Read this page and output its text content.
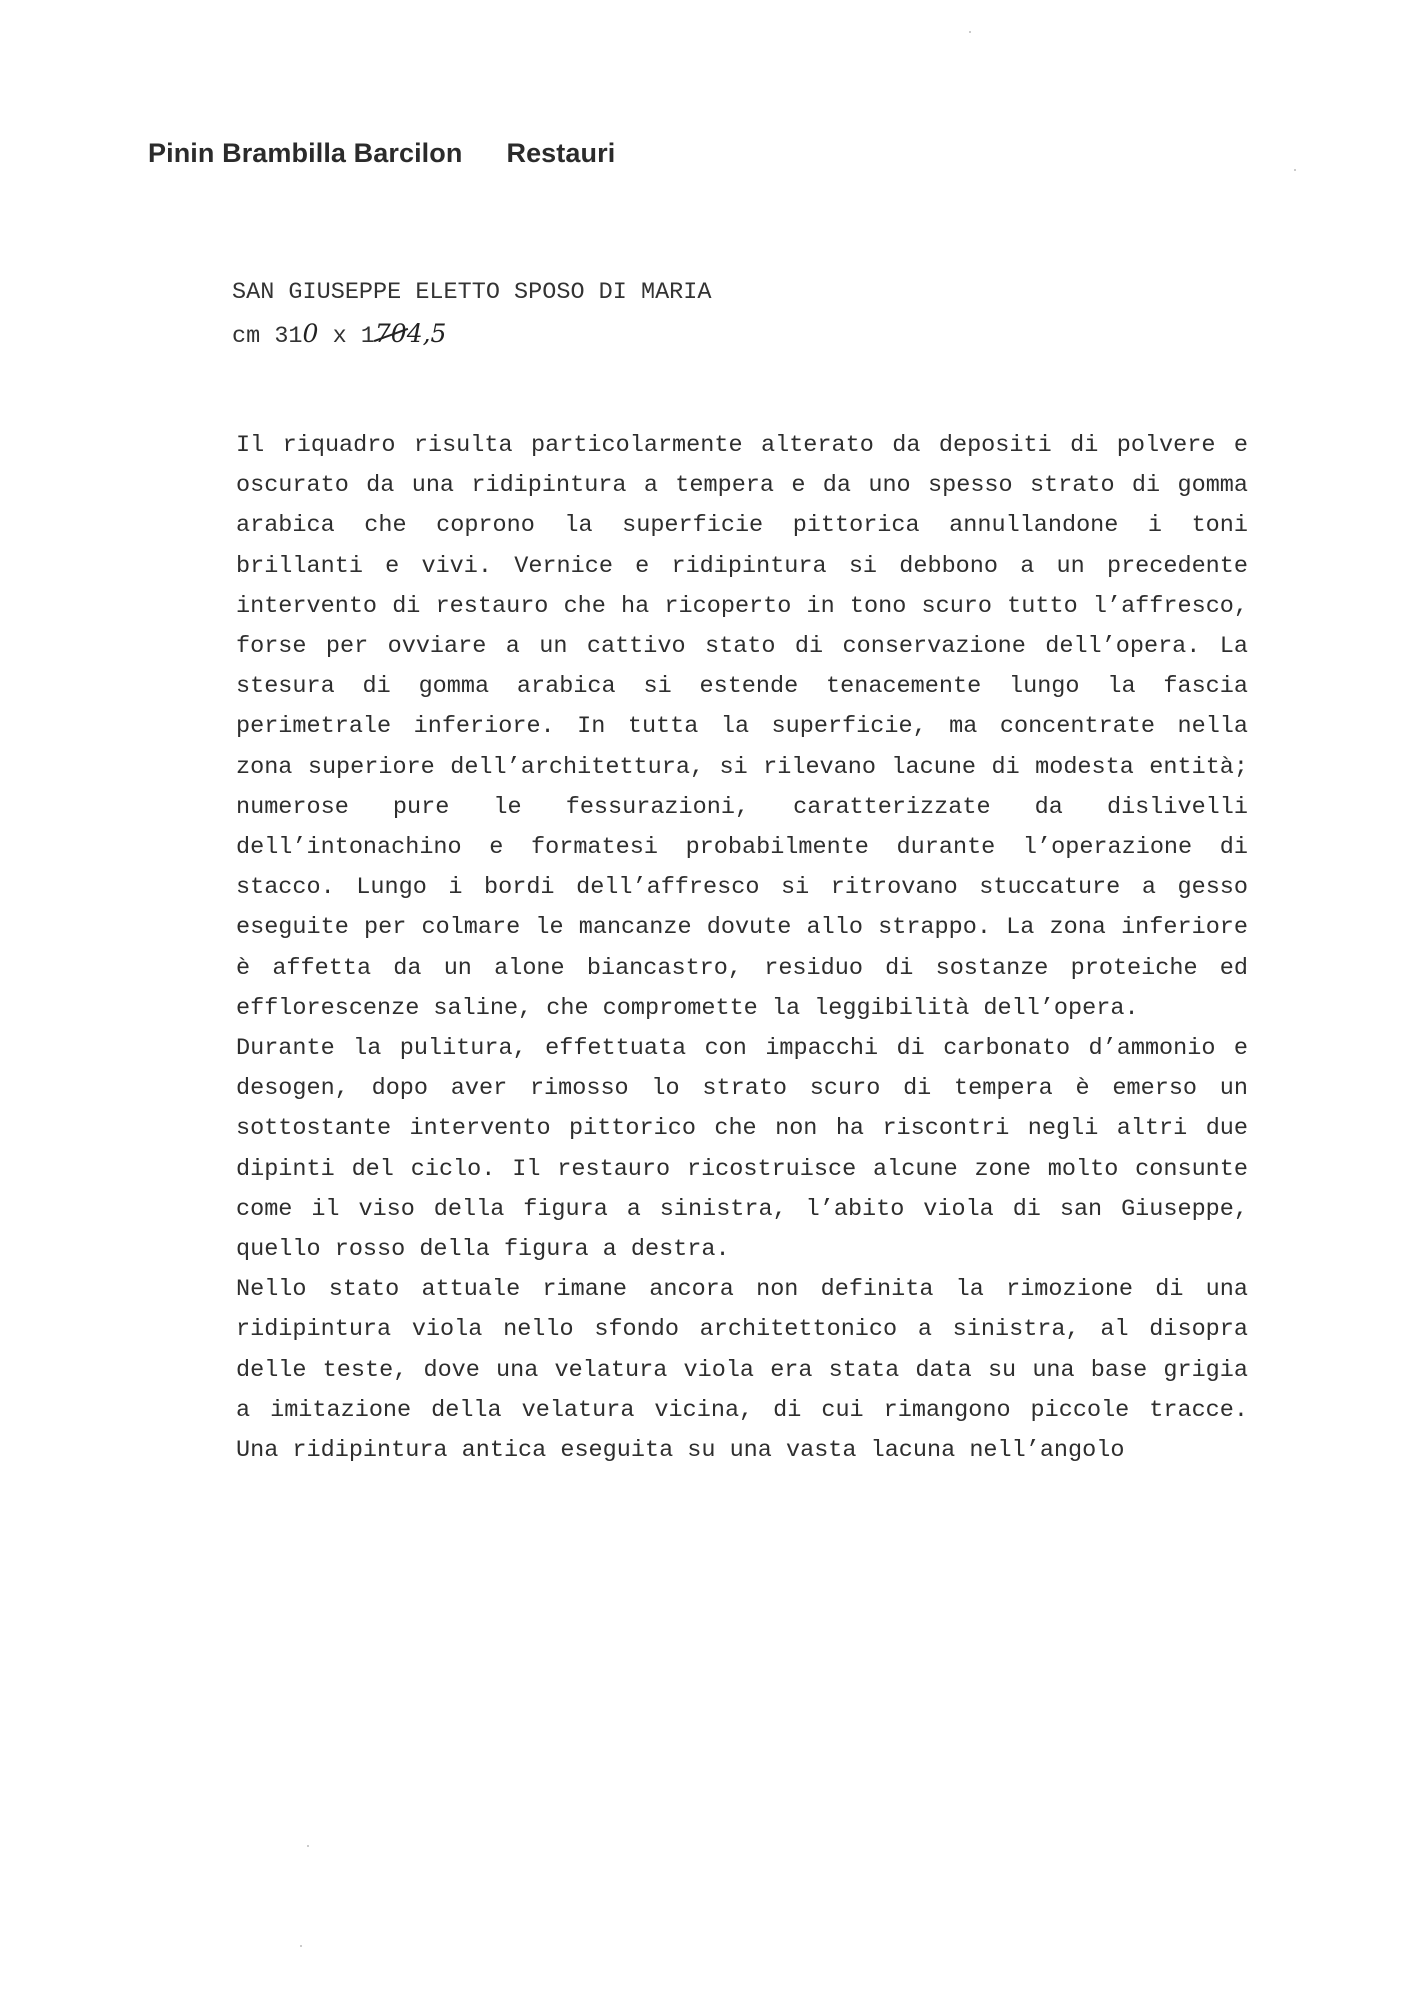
Pinin Brambilla Barcilon Restauri
SAN GIUSEPPE ELETTO SPOSO DI MARIA
cm 310 x 1704,5

Il riquadro risulta particolarmente alterato da depositi di polvere e oscurato da una ridipintura a tempera e da uno spesso strato di gomma arabica che coprono la superficie pittorica annullandone i toni brillanti e vivi. Vernice e ridipintura si debbono a un precedente intervento di restauro che ha ricoperto in tono scuro tutto l’affresco, forse per ovviare a un cattivo stato di conservazione dell’opera. La stesura di gomma arabica si estende tenacemente lungo la fascia perimetrale inferiore. In tutta la superficie, ma concentrate nella zona superiore dell’architettura, si rilevano lacune di modesta entità; numerose pure le fessurazioni, caratterizzate da dislivelli dell’intonachino e formatesi probabilmente durante l’operazione di stacco. Lungo i bordi dell’affresco si ritrovano stuccature a gesso eseguite per colmare le mancanze dovute allo strappo. La zona inferiore è affetta da un alone biancastro, residuo di sostanze proteiche ed efflorescenze saline, che compromette la leggibilità dell’opera.

Durante la pulitura, effettuata con impacchi di carbonato d’ammonio e desogen, dopo aver rimosso lo strato scuro di tempera è emerso un sottostante intervento pittorico che non ha riscontri negli altri due dipinti del ciclo. Il restauro ricostruisce alcune zone molto consunte come il viso della figura a sinistra, l’abito viola di san Giuseppe, quello rosso della figura a destra.

Nello stato attuale rimane ancora non definita la rimozione di una ridipintura viola nello sfondo architettonico a sinistra, al disopra delle teste, dove una velatura viola era stata data su una base grigia a imitazione della velatura vicina, di cui rimangono piccole tracce. Una ridipintura antica eseguita su una vasta lacuna nell’angolo
